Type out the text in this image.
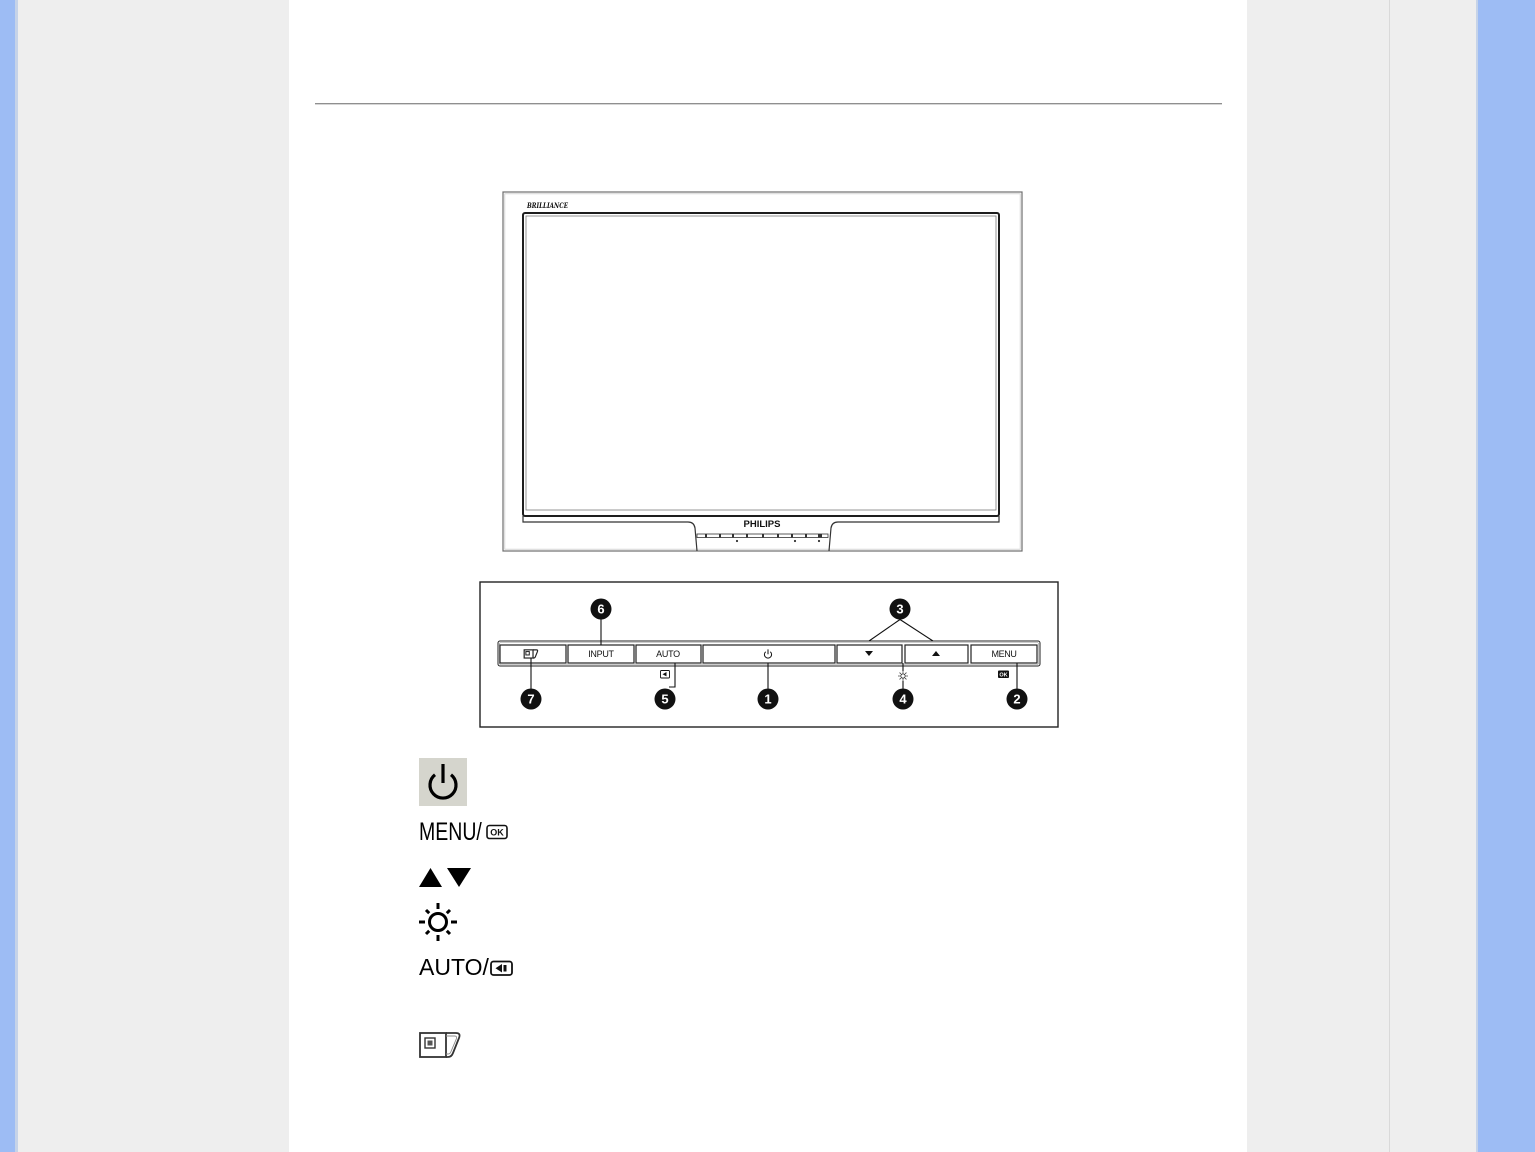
BRILLIANCE
PHILIPS
INPUT	AUTO	MENU
OK
6	3
7	5	1	4	2
MENU/ OK
AUTO/
